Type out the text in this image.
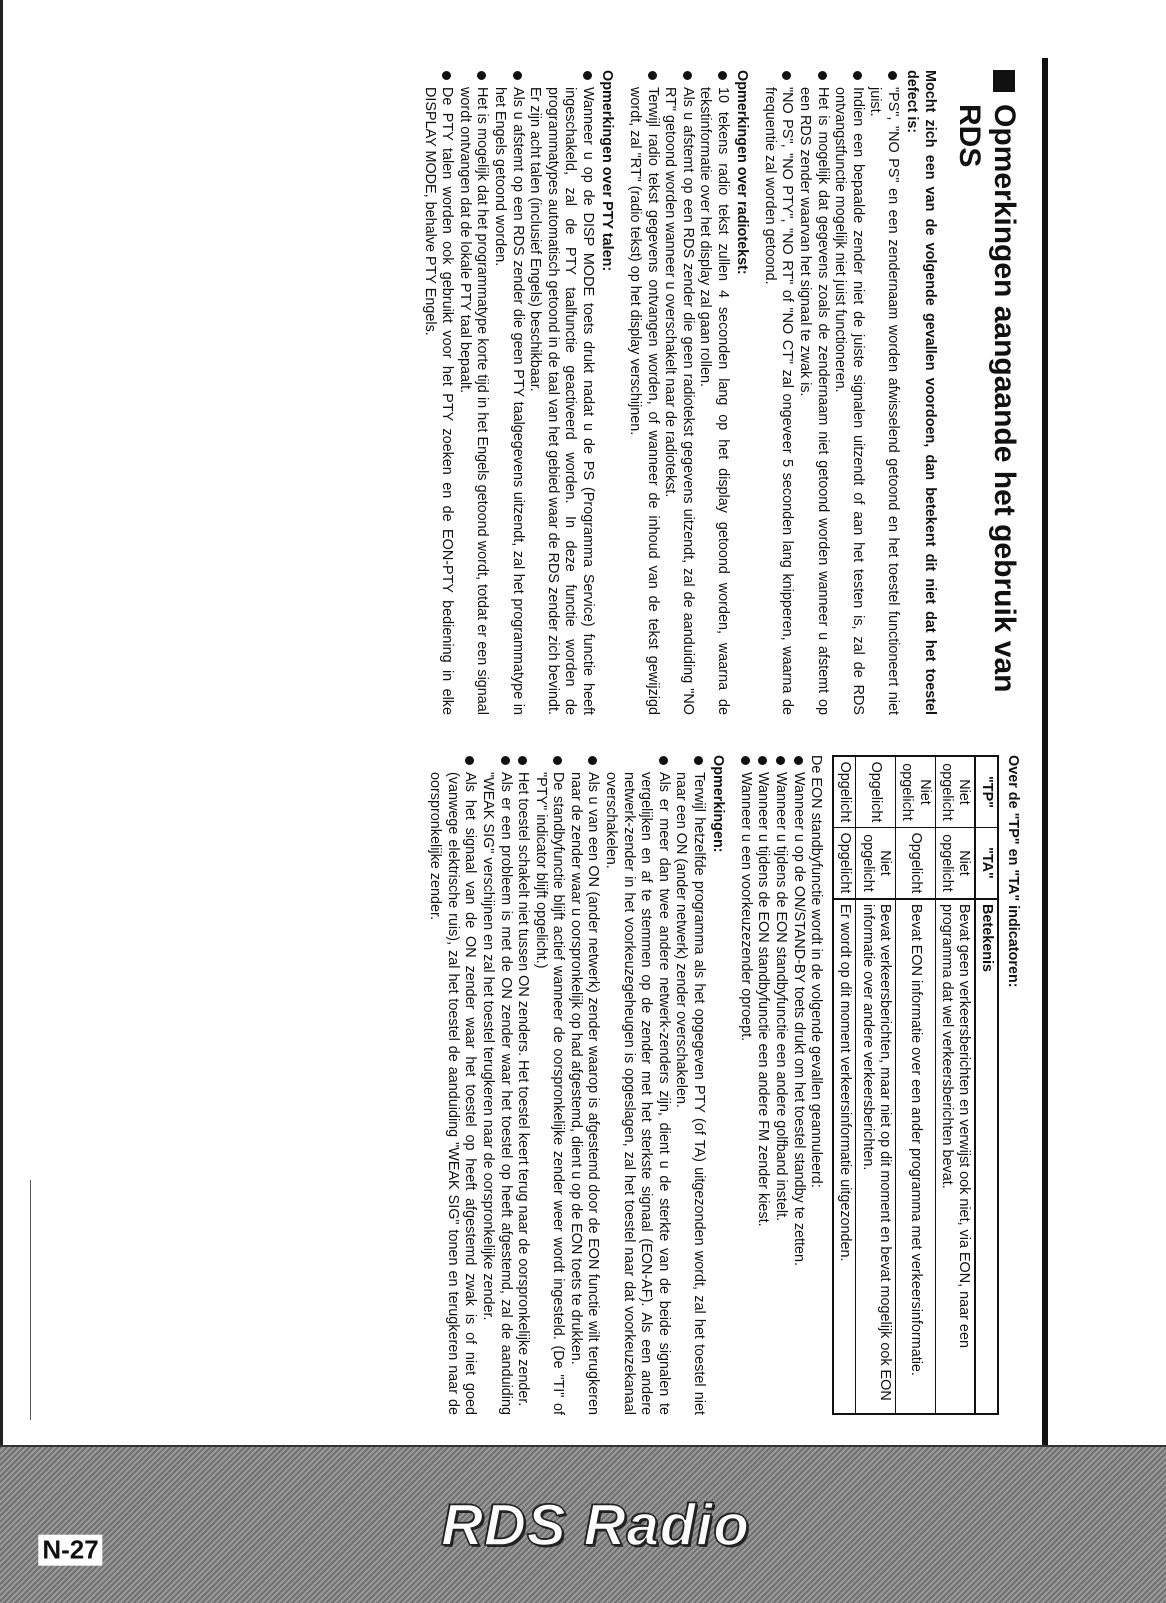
Opmerkingen aangaande het gebruik van RDS

Mocht zich een van de volgende gevallen voordoen, dan betekent dit niet dat het toestel defect is:

"PS", "NO PS" en een zendernaam worden afwisselend getoond en het toestel functioneert niet juist.
Indien een bepaalde zender niet de juiste signalen uitzendt of aan het testen is, zal de RDS ontvangstfunctie mogelijk niet juist functioneren.
Het is mogelijk dat gegevens zoals de zendernaam niet getoond worden wanneer u afstemt op een RDS zender waarvan het signaal te zwak is.
"NO PS", "NO PTY", "NO RT" of "NO CT" zal ongeveer 5 seconden lang knipperen, waarna de frequentie zal worden getoond.

Opmerkingen over radiotekst:

10 tekens radio tekst zullen 4 seconden lang op het display getoond worden, waarna de tekstinformatie over het display zal gaan rollen.
Als u afstemt op een RDS zender die geen radiotekst gegevens uitzendt, zal de aanduiding "NO RT" getoond worden wanneer u overschakelt naar de radiotekst.
Terwijl radio tekst gegevens ontvangen worden, of wanneer de inhoud van de tekst gewijzigd wordt, zal "RT" (radio tekst) op het display verschijnen.

Opmerkingen over PTY talen:

Wanneer u op de DISP MODE toets drukt nadat u de PS (Programma Service) functie heeft ingeschakeld, zal de PTY taalfunctie geactiveerd worden. In deze functie worden de programmatypes automatisch getoond in de taal van het gebied waar de RDS zender zich bevindt. Er zijn acht talen (inclusief Engels) beschikbaar.
Als u afstemt op een RDS zender die geen PTY taalgegevens uitzendt, zal het programmatype in het Engels getoond worden.
Het is mogelijk dat het programmatype korte tijd in het Engels getoond wordt, totdat er een signaal wordt ontvangen dat de lokale PTY taal bepaalt.
De PTY talen worden ook gebruikt voor het PTY zoeken en de EON-PTY bediening in elke DISPLAY MODE, behalve PTY Engels.

Over de "TP" en "TA" indicatoren:

"TP"	"TA"	Betekenis
Niet opgelicht	Niet opgelicht	Bevat geen verkeersberichten en verwijst ook niet, via EON, naar een programma dat wel verkeersberichten bevat.
Niet opgelicht	Opgelicht	Bevat EON informatie over een ander programma met verkeersinformatie.
Opgelicht	Niet opgelicht	Bevat verkeersberichten, maar niet op dit moment en bevat mogelijk ook EON informatie over andere verkeersberichten.
Opgelicht	Opgelicht	Er wordt op dit moment verkeersinformatie uitgezonden.

De EON standbyfunctie wordt in de volgende gevallen geannuleerd:

Wanneer u op de ON/STAND-BY toets drukt om het toestel standby te zetten.
Wanneer u tijdens de EON standbyfunctie een andere golfband instelt.
Wanneer u tijdens de EON standbyfunctie een andere FM zender kiest.
Wanneer u een voorkeuzezender oproept.

Opmerkingen:

Terwijl hetzelfde programma als het opgegeven PTY (of TA) uitgezonden wordt, zal het toestel niet naar een ON (ander netwerk) zender overschakelen.
Als er meer dan twee andere netwerk-zenders zijn, dient u de sterkte van de beide signalen te vergelijken en af te stemmen op de zender met het sterkste signaal (EON-AF). Als een andere netwerk-zender in het voorkeuzegeheugen is opgeslagen, zal het toestel naar dat voorkeuzekanaal overschakelen.
Als u van een ON (ander netwerk) zender waarop is afgestemd door de EON functie wilt terugkeren naar de zender waar u oorspronkelijk op had afgestemd, dient u op de EON toets te drukken.
De standbyfunctie blijft actief wanneer de oorspronkelijke zender weer wordt ingesteld. (De "TI" of "PTY" indicator blijft opgelicht.)
Het toestel schakelt niet tussen ON zenders. Het toestel keert terug naar de oorspronkelijke zender.
Als er een probleem is met de ON zender waar het toestel op heeft afgestemd, zal de aanduiding "WEAK SIG" verschijnen en zal het toestel terugkeren naar de oorspronkelijke zender.
Als het signaal van de ON zender waar het toestel op heeft afgestemd zwak is of niet goed (vanwege elektrische ruis), zal het toestel de aanduiding "WEAK SIG" tonen en terugkeren naar de oorspronkelijke zender.
RDS Radio
N-27
